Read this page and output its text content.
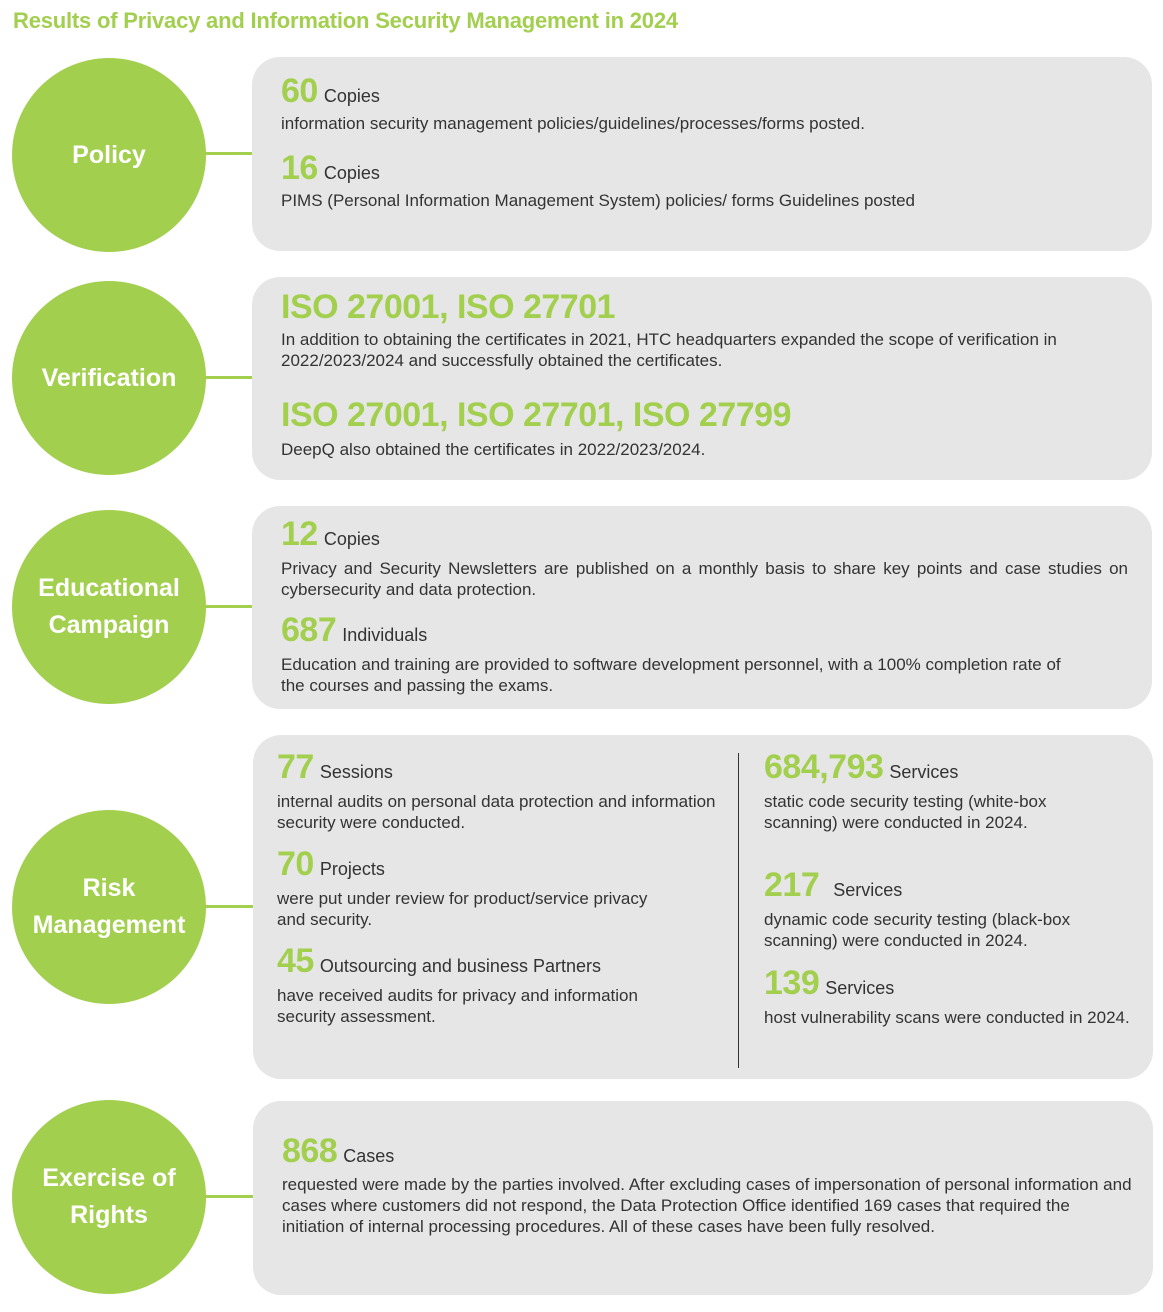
Results of Privacy and Information Security Management in 2024
Policy
60 Copies
information security management policies/guidelines/processes/forms posted.
16 Copies
PIMS (Personal Information Management System) policies/ forms Guidelines posted
Verification
ISO 27001, ISO 27701
In addition to obtaining the certificates in 2021, HTC headquarters expanded the scope of verification in 2022/2023/2024 and successfully obtained the certificates.
ISO 27001, ISO 27701, ISO 27799
DeepQ also obtained the certificates in 2022/2023/2024.
Educational
Campaign
12 Copies
Privacy and Security Newsletters are published on a monthly basis to share key points and case studies on cybersecurity and data protection.
687 Individuals
Education and training are provided to software development personnel, with a 100% completion rate of the courses and passing the exams.
Risk
Management
77 Sessions
internal audits on personal data protection and information security were conducted.
70 Projects
were put under review for product/service privacy and security.
45 Outsourcing and business Partners
have received audits for privacy and information security assessment.
684,793 Services
static code security testing (white-box scanning) were conducted in 2024.
217 Services
dynamic code security testing (black-box scanning) were conducted in 2024.
139 Services
host vulnerability scans were conducted in 2024.
Exercise of
Rights
868 Cases
requested were made by the parties involved. After excluding cases of impersonation of personal information and cases where customers did not respond, the Data Protection Office identified 169 cases that required the initiation of internal processing procedures. All of these cases have been fully resolved.
